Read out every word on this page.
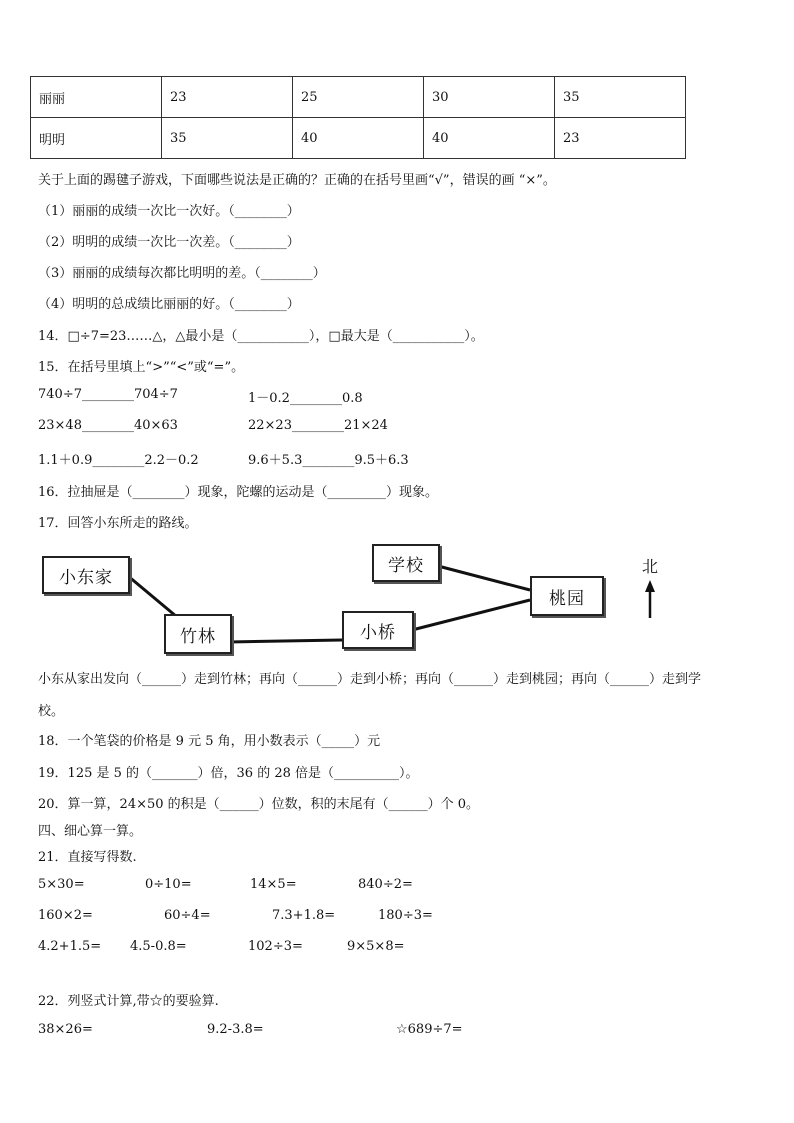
丽丽	23	25	30	35
明明	35	40	40	23
关于上面的踢毽子游戏，下面哪些说法是正确的？正确的在括号里画“√”，错误的画 “×”。
（1）丽丽的成绩一次比一次好。（________）
（2）明明的成绩一次比一次差。（________）
（3）丽丽的成绩每次都比明明的差。（________）
（4）明明的总成绩比丽丽的好。（________）
14．□÷7=23……△，△最小是（___________），□最大是（___________）。
15．在括号里填上“>”“<”或“=”。
740÷7________704÷7	1－0.2________0.8
23×48________40×63	22×23________21×24
1.1＋0.9________2.2－0.2	9.6＋5.3________9.5＋6.3
16．拉抽屉是（________）现象，陀螺的运动是（_________）现象。
17．回答小东所走的路线。
小东家
竹林
学校
小桥
桃园
北
小东从家出发向（______）走到竹林；再向（______）走到小桥；再向（______）走到桃园；再向（______）走到学
校。
18．一个笔袋的价格是 9 元 5 角，用小数表示（_____）元
19．125 是 5 的（_______）倍，36 的 28 倍是（__________）。
20．算一算，24×50 的积是（______）位数，积的末尾有（______）个 0。
四、细心算一算。
21．直接写得数.
5×30=	0÷10=	14×5=	840÷2=
160×2=	60÷4=	7.3+1.8=	180÷3=
4.2+1.5= 4.5-0.8=	102÷3=	9×5×8=
22．列竖式计算,带☆的要验算.
38×26=	9.2-3.8=	☆689÷7=
